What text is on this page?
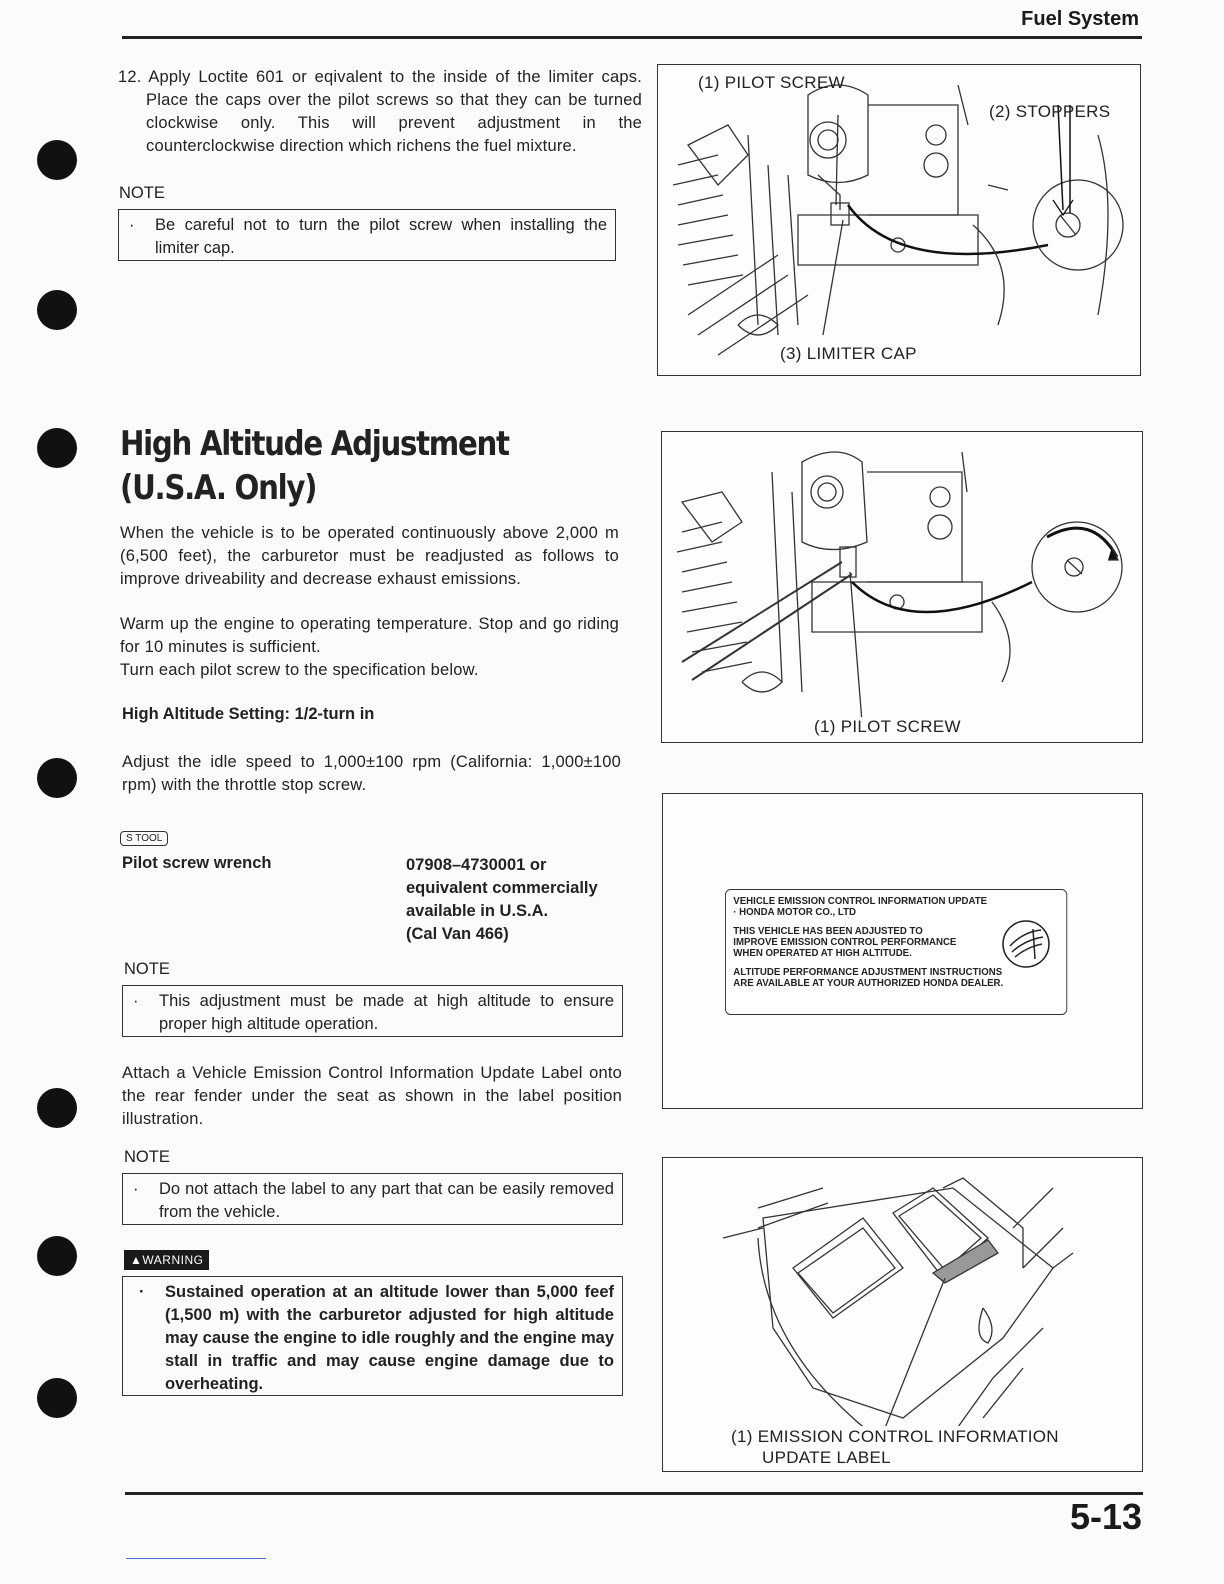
Fuel System
12. Apply Loctite 601 or eqivalent to the inside of the limiter caps. Place the caps over the pilot screws so that they can be turned clockwise only. This will prevent adjustment in the counterclockwise direction which richens the fuel mixture.
NOTE
·	Be careful not to turn the pilot screw when installing the limiter cap.
(1) PILOT SCREW
(2) STOPPERS
(3) LIMITER CAP
High Altitude Adjustment (U.S.A. Only)
When the vehicle is to be operated continuously above 2,000 m (6,500 feet), the carburetor must be readjusted as follows to improve driveability and decrease exhaust emissions.
Warm up the engine to operating temperature. Stop and go riding for 10 minutes is sufficient.
Turn each pilot screw to the specification below.
High Altitude Setting: 1/2-turn in
Adjust the idle speed to 1,000±100 rpm (California: 1,000±100 rpm) with the throttle stop screw.
S TOOL
Pilot screw wrench	07908–4730001 or
equivalent commercially
available in U.S.A.
(Cal Van 466)
NOTE
·	This adjustment must be made at high altitude to ensure proper high altitude operation.
Attach a Vehicle Emission Control Information Update Label onto the rear fender under the seat as shown in the label position illustration.
NOTE
·	Do not attach the label to any part that can be easily removed from the vehicle.
▲WARNING
·	Sustained operation at an altitude lower than 5,000 feef (1,500 m) with the carburetor adjusted for high altitude may cause the engine to idle roughly and the engine may stall in traffic and may cause engine damage due to overheating.
(1) PILOT SCREW

VEHICLE EMISSION CONTROL INFORMATION UPDATE

· HONDA MOTOR CO., LTD

THIS VEHICLE HAS BEEN ADJUSTED TO

IMPROVE EMISSION CONTROL PERFORMANCE

WHEN OPERATED AT HIGH ALTITUDE.

ALTITUDE PERFORMANCE ADJUSTMENT INSTRUCTIONS

ARE AVAILABLE AT YOUR AUTHORIZED HONDA DEALER.

(1) EMISSION CONTROL INFORMATION
UPDATE LABEL
5-13
